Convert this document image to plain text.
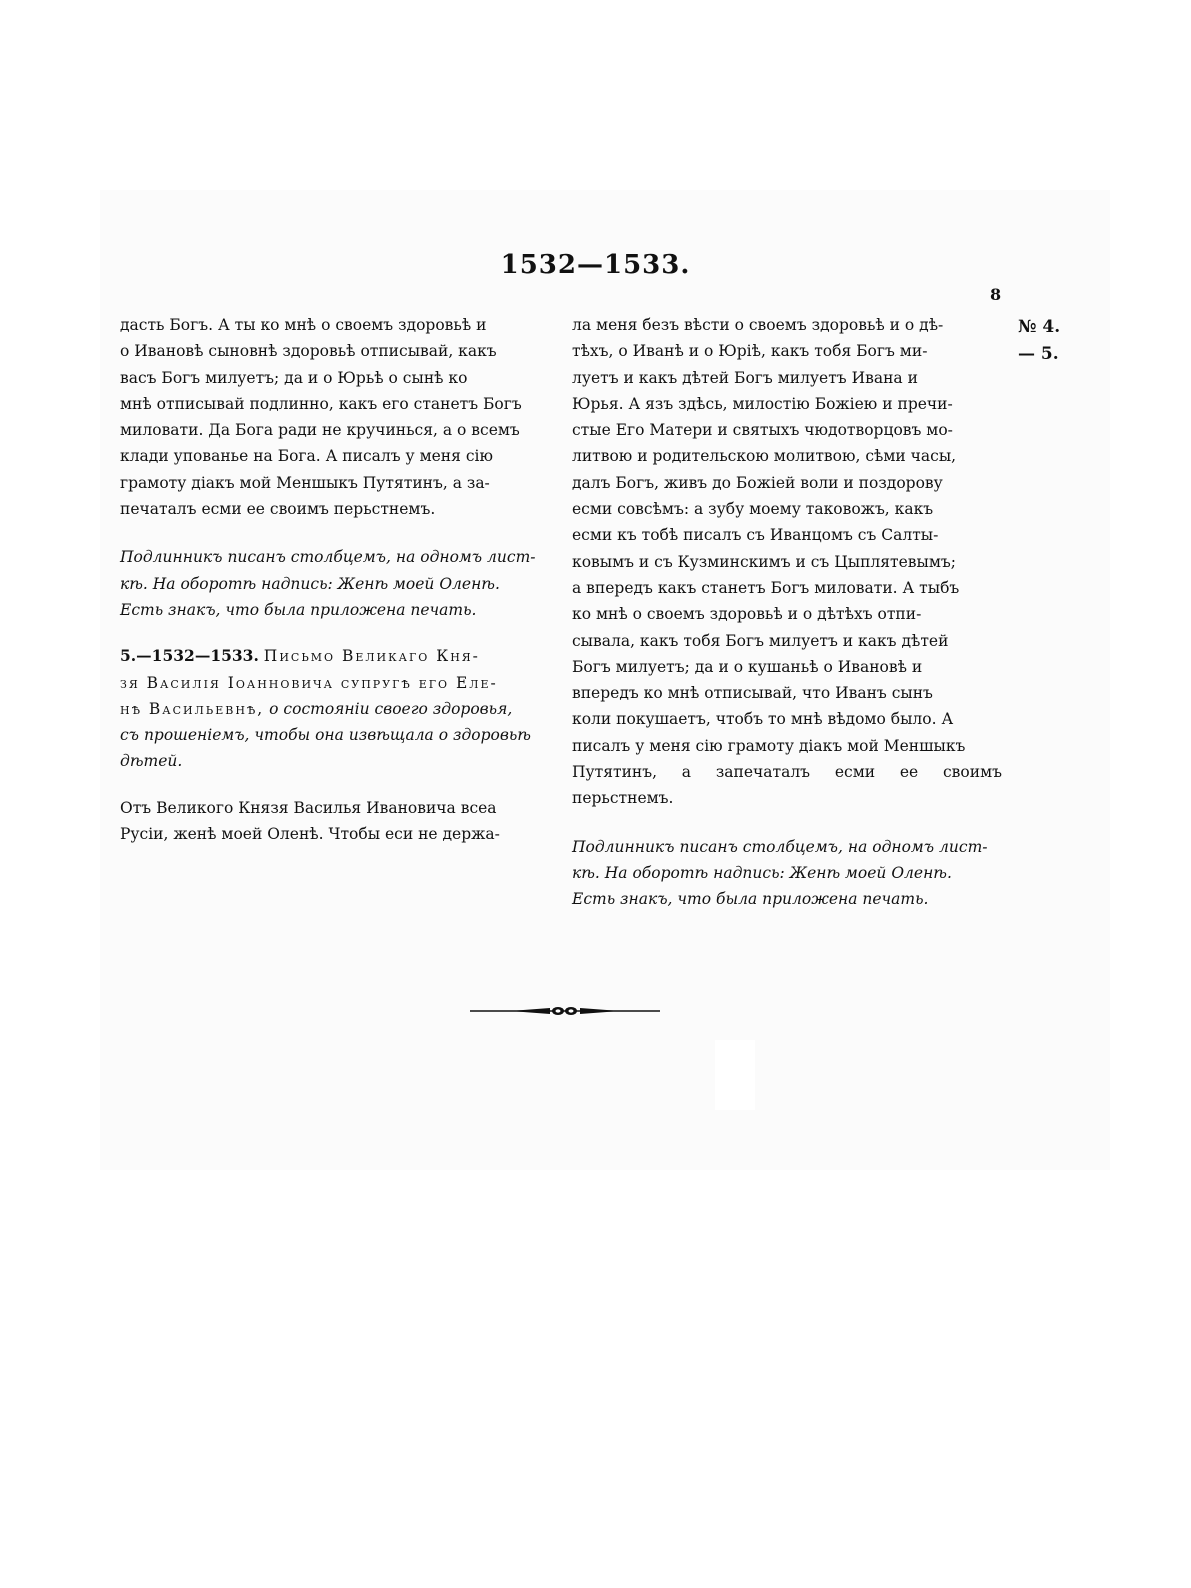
1532—1533.
8
№ 4.
— 5.

дасть Богъ. А ты ко мнѣ о своемъ здоровьѣ и

о Ивановѣ сыновнѣ здоровьѣ отписывай, какъ

васъ Богъ милуетъ; да и о Юрьѣ о сынѣ ко

мнѣ отписывай подлинно, какъ его станетъ Богъ

миловати. Да Бога ради не кручинься, а о всемъ

клади упованье на Бога. А писалъ у меня сію

грамоту діакъ мой Меншыкъ Путятинъ, а за-

печаталъ есми ее своимъ перьстнемъ.

Подлинникъ писанъ столбцемъ, на одномъ лист-

кѣ. На оборотѣ надпись: Женѣ моей Оленѣ.

Есть знакъ, что была приложена печать.

5.—1532—1533. Письмо Великаго Кня-

зя Василія Іоанновича супругѣ его Еле-

нѣ Васильевнѣ, о состояніи своего здоровья,

съ прошеніемъ, чтобы она извѣщала о здоровьѣ

дѣтей.

Отъ Великого Князя Василья Ивановича всеа

Русіи, женѣ моей Оленѣ. Чтобы еси не держа-

ла меня безъ вѣсти о своемъ здоровьѣ и о дѣ-

тѣхъ, о Иванѣ и о Юріѣ, какъ тобя Богъ ми-

луетъ и какъ дѣтей Богъ милуетъ Ивана и

Юрья. А язъ здѣсь, милостію Божіею и пречи-

стые Его Матери и святыхъ чюдотворцовъ мо-

литвою и родительскою молитвою, сѣми часы,

далъ Богъ, живъ до Божіей воли и поздорову

есми совсѣмъ: а зубу моему таковожъ, какъ

есми къ тобѣ писалъ съ Иванцомъ съ Салты-

ковымъ и съ Кузминскимъ и съ Цыплятевымъ;

а впередъ какъ станетъ Богъ миловати. А тыбъ

ко мнѣ о своемъ здоровьѣ и о дѣтѣхъ отпи-

сывала, какъ тобя Богъ милуетъ и какъ дѣтей

Богъ милуетъ; да и о кушаньѣ о Ивановѣ и

впередъ ко мнѣ отписывай, что Иванъ сынъ

коли покушаетъ, чтобъ то мнѣ вѣдомо было. А

писалъ у меня сію грамоту діакъ мой Меншыкъ

Путятинъ, а запечаталъ есми ее своимъ перьстнемъ.

Подлинникъ писанъ столбцемъ, на одномъ лист-

кѣ. На оборотѣ надпись: Женѣ моей Оленѣ.

Есть знакъ, что была приложена печать.
